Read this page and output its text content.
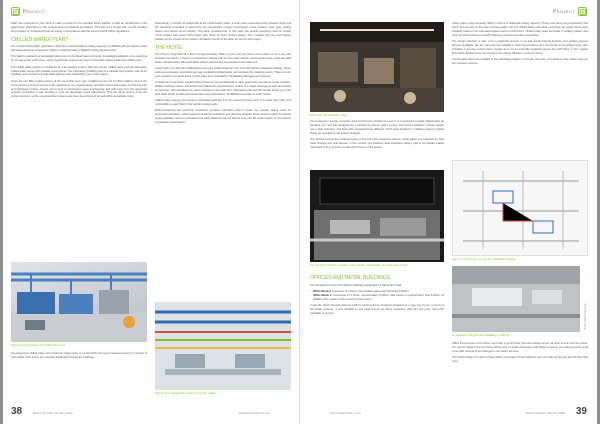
Project

WSP was requested by the client to make provision for the possible future addition of split air conditioners in the apartments, depending on the requirements of individual purchasers. This was not a simple task, as this includes the provision of mechanical fresh air supply in accordance with the current SANS 10400 regulations.

CHILLED WATER PLANT

The central chilled water generation plant has a total diversified cooling capacity of 3,800kW with two water cooled Climaveneta screw compressor chillers of approximately 1,800kW cooling capacity each.

This plant is located in a designated plant room in the lower basement level, immediately adjacent to the electrical LV and generator plant room, which significantly reduced the cost of expensive cables feeding the chiller plant.

The chilled water system is configured as a de-coupled system, with two primary chilled water and two secondary chilled water pumps with variable speed drives. The secondary (building) loop is a variable flow system, with all air handling units and fan coil units fitted with two-way modulating type control valves.

There are two BAC cooling towers, of the low profile open type, installed on the roof of office building. Due to the close proximity of these towers to the apartments, the original design specified sound attenuation on both the inlet and discharge of these towers. As a result of subsequent value engineering, and with input from the appointed acoustic consultant, it was decided to omit the discharge sound attenuators. This has since proven to be the correct decision, as the overall ambient noise levels have been found to be well within acceptable limits.

Figure 3: A 3D rendering of a chilled plant room.

The large bore chilled water and condenser water piping is routed within the upper basement level to a number of riser shafts, from where it is vertically distributed through the buildings.

Interestingly, it should be stated that at the initial design stage, a study was conducted jointly between WSP and the electrical consultant to determine the comparative energy consumption costs between open type cooling towers and closed circuit coolers. This study revealed that, in this case, the annual operating costs for closed circuit coolers were some 40% higher than those for open cooling towers. This, coupled with the much higher capital cost for closed circuit coolers, decided in favour of the latter for use on this project.

THE HOTEL

The hotel is comprised of 9 floors of approximately 300m² in size over five floors and is fitted out to a four star standard. On street, a there is a restaurant / lounge with an open plan kitchen and reception area, while the staff areas, administration office and BOH (stores and laundry) are located in the basement.

Guest rooms are fully air conditioned by two-pipe chilled water fan coil units with electric resistance heating. These units are concealed, and utilise two-way modulating chilled water control valves for capacity control. These fan coil units operate on a stand-alone control basis (not controlled by the Building Management System).

A single fan circuit fresh supplies filtered fresh air (un-conditioned) to each guest room as well as to the corridors, lobbies and linen rooms. Extraction from bathrooms is achieved by means of a single axial type extract fan located at roof level, with individual non-return dampers in the bathroom, discharging through the facade at the top of the stair shaft. Fresh air fans and extract fans are monitored by the BMS and operate on a 24/7 basis.

Chilled water piping to the rooms is reticulated vertically from the basement plant room in a single riser shaft, and horizontally on each floor in the corridor ceiling voids.

Multi-mechanical and electrical reticulation services reticulation had to share the corridor ceiling voids for horizontal reticulation, which required careful co-ordination and planning between these services within the limited space available. Such co-ordination and clash detection was all carried out in the 3D model space, by the various consultants and architect.

Figure 4: Co-ordinated 3D model of a corridor ceiling.
38	RACA Journal | January 2020	www.hvacronline.co.za
Project
WSP plant with specialist ceiling.

The restaurant / lounge / reception area for the hotel, located on Level 1, is served from a single chilled water air handling unit, and was designed as a variable air volume (VAV) system. The diverse facilities in these spaces use a high standard, and hotel VAV operated linear diffusers which were finished in matching colours (mainly black) as specified by the interior designer.

The kitchen serving the restaurant area is one from the restaurant patrons, which again put emphasis on high class finishes and neat layouts. In this context, the stainless steel extraction canopy had to be powder coated matt black to fit in with the overall colour theme of the space.

The extraction canopy in stainless steel, powder coated black, and neat entry on floor.
OFFICES AND RETAIL BUILDINGS

The development has three distinct buildings designated for offices and retail:

• Office Block A comprises of 4 floors, total lettable space approximately 5,000m².
• Office Block C comprising of 4 floors, approximately 3,000m² total space on ground level, and 5,500m² of lettable office space on the remaining three floors.

It was the client's decision that the AHP to reaching these should be designed as a 'grey box fit-out', in terms of the HVAC systems. It was decided to use Heat Pumps for direct expansion (DX) fan coil units, with each capability of serving

a floor area of approximately 300m² in terms of delivered cooling capacity. These units were pre-purchased by the client, and as part of the main contract works only the chilled water reticulation and fresh air supply ducts were installed, based on an estimated location layout of the FCU's. Chilled water pipes terminate in isolating valves, and fresh air branch ducts in butterfly balancing dampers at each unit location.

The design intention is that, once a particular tenancy is let and actual internal furniture and partition layouts become available, the fan coil units are installed in their final positions and connected to the chilled water tails, including a two-way control valve. Supply air is via an internally insulated plenum box with three or four spigots from which flexible ducts can connect onto ceiling diffusers in a fit-out phase.

Condensate drains are installed to the individual positions of the fan coil units, connected to riser stacks cast into the concrete columns.

Figure 7: An example of a grey box installation drawing.
Photos: WSP/Cape Town
An example of the grey box installation in Office B.

Office B comprises of six offices, each with a ground floor plus and parapet levels, all open to one common space. The client's design intent for these offices was to create a bespoke, fully fitted out space, into which tenants could move with minimal fit-out changes to the HVAC services.

The HVAC design for each of these offices comprises of two bathroom fan coil units serving the ground floor with units

www.hvacronline.co.za	RACA Journal | January 2020 39
